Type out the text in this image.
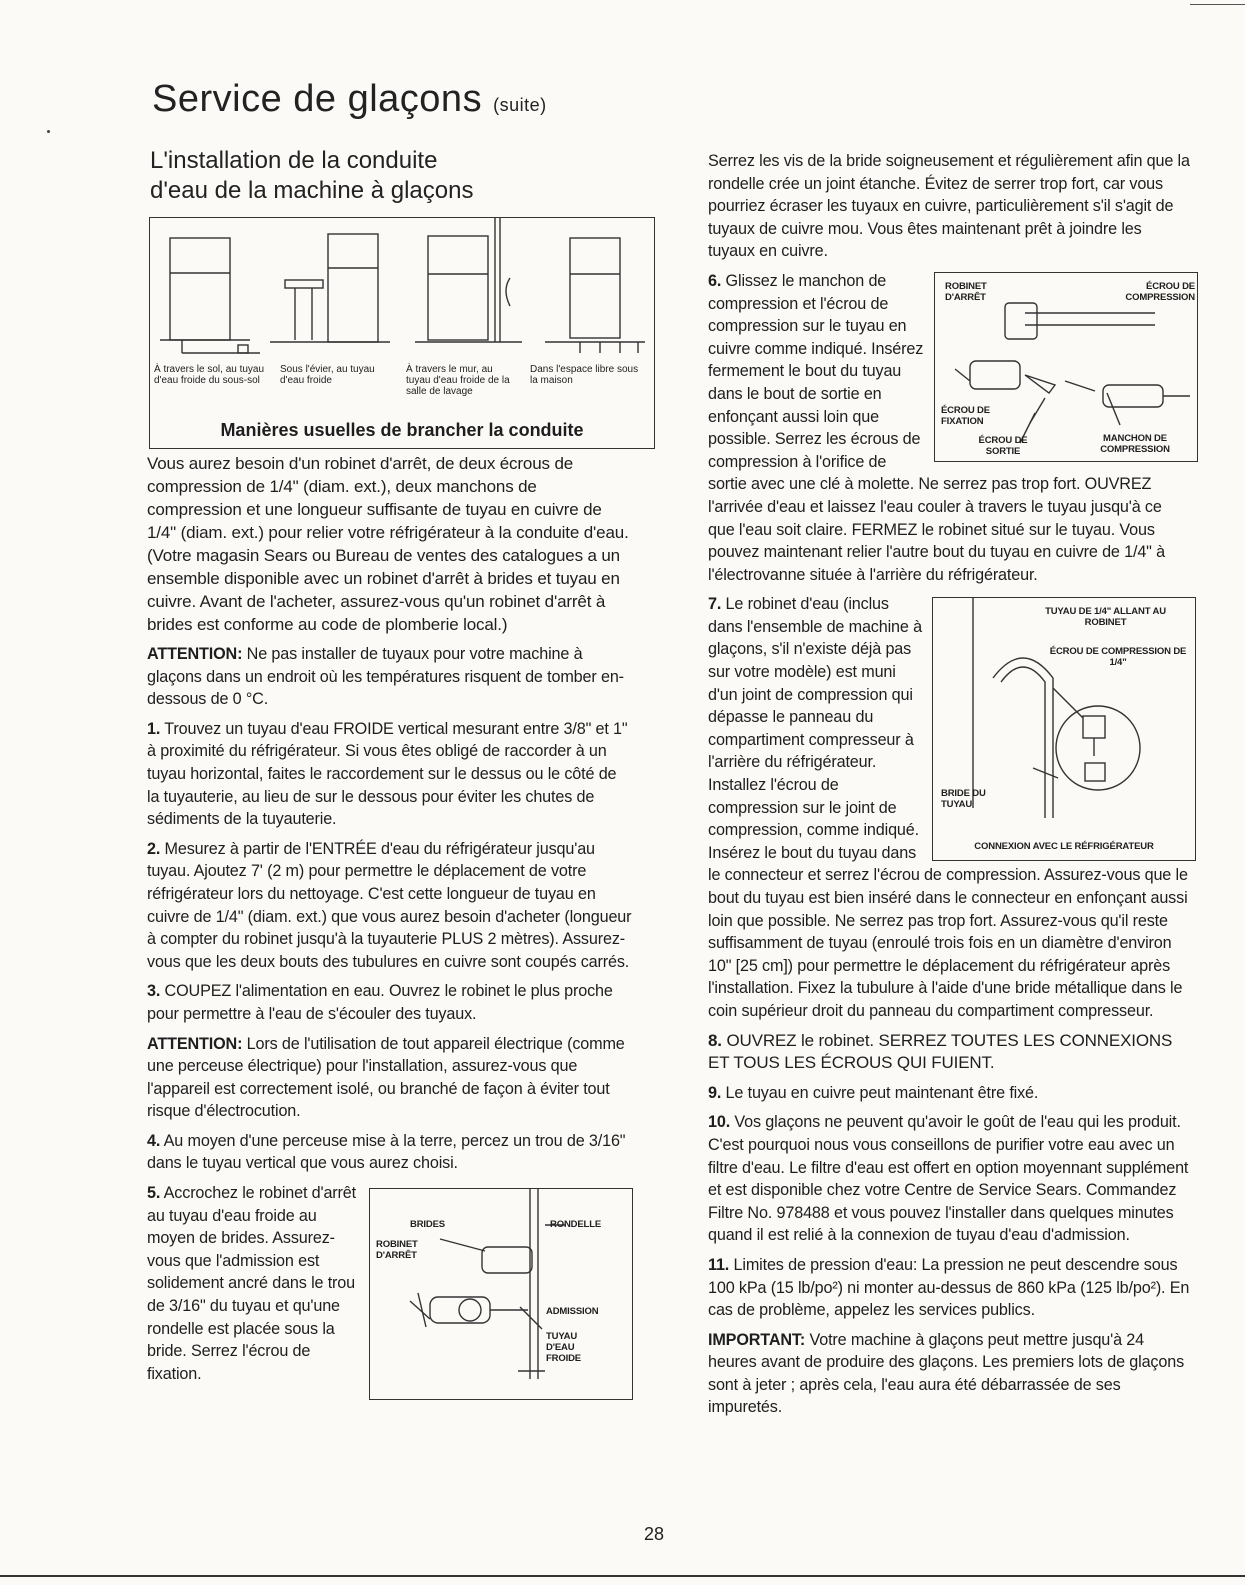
Service de glaçons (suite)
L'installation de la conduite
d'eau de la machine à glaçons
À travers le sol, au tuyau d'eau froide du sous-sol
Sous l'évier, au tuyau d'eau froide
À travers le mur, au tuyau d'eau froide de la salle de lavage
Dans l'espace libre sous la maison
Manières usuelles de brancher la conduite

Vous aurez besoin d'un robinet d'arrêt, de deux écrous de compression de 1/4" (diam. ext.), deux manchons de compression et une longueur suffisante de tuyau en cuivre de 1/4" (diam. ext.) pour relier votre réfrigérateur à la conduite d'eau. (Votre magasin Sears ou Bureau de ventes des catalogues a un ensemble disponible avec un robinet d'arrêt à brides et tuyau en cuivre. Avant de l'acheter, assurez-vous qu'un robinet d'arrêt à brides est conforme au code de plomberie local.)

ATTENTION: Ne pas installer de tuyaux pour votre machine à glaçons dans un endroit où les températures risquent de tomber en-dessous de 0 °C.

1. Trouvez un tuyau d'eau FROIDE vertical mesurant entre 3/8" et 1" à proximité du réfrigérateur. Si vous êtes obligé de raccorder à un tuyau horizontal, faites le raccordement sur le dessus ou le côté de la tuyauterie, au lieu de sur le dessous pour éviter les chutes de sédiments de la tuyauterie.

2. Mesurez à partir de l'ENTRÉE d'eau du réfrigérateur jusqu'au tuyau. Ajoutez 7' (2 m) pour permettre le déplacement de votre réfrigérateur lors du nettoyage. C'est cette longueur de tuyau en cuivre de 1/4" (diam. ext.) que vous aurez besoin d'acheter (longueur à compter du robinet jusqu'à la tuyauterie PLUS 2 mètres). Assurez-vous que les deux bouts des tubulures en cuivre sont coupés carrés.

3. COUPEZ l'alimentation en eau. Ouvrez le robinet le plus proche pour permettre à l'eau de s'écouler des tuyaux.

ATTENTION: Lors de l'utilisation de tout appareil électrique (comme une perceuse électrique) pour l'installation, assurez-vous que l'appareil est correctement isolé, ou branché de façon à éviter tout risque d'électrocution.

4. Au moyen d'une perceuse mise à la terre, percez un trou de 3/16" dans le tuyau vertical que vous aurez choisi.

BRIDES	RONDELLE
ROBINET D'ARRÊT
ADMISSION
TUYAU D'EAU FROIDE

5. Accrochez le robinet d'arrêt au tuyau d'eau froide au moyen de brides. Assurez-vous que l'admission est solidement ancré dans le trou de 3/16" du tuyau et qu'une rondelle est placée sous la bride. Serrez l'écrou de fixation.

Serrez les vis de la bride soigneusement et régulièrement afin que la rondelle crée un joint étanche. Évitez de serrer trop fort, car vous pourriez écraser les tuyaux en cuivre, particulièrement s'il s'agit de tuyaux de cuivre mou. Vous êtes maintenant prêt à joindre les tuyaux en cuivre.

ROBINET D'ARRÊT
ÉCROU DE COMPRESSION
ÉCROU DE FIXATION
ÉCROU DE SORTIE
MANCHON DE COMPRESSION

6. Glissez le manchon de compression et l'écrou de compression sur le tuyau en cuivre comme indiqué. Insérez fermement le bout du tuyau dans le bout de sortie en enfonçant aussi loin que possible. Serrez les écrous de compression à l'orifice de sortie avec une clé à molette. Ne serrez pas trop fort. OUVREZ l'arrivée d'eau et laissez l'eau couler à travers le tuyau jusqu'à ce que l'eau soit claire. FERMEZ le robinet situé sur le tuyau. Vous pouvez maintenant relier l'autre bout du tuyau en cuivre de 1/4" à l'électrovanne située à l'arrière du réfrigérateur.

TUYAU DE 1/4" ALLANT AU ROBINET
ÉCROU DE COMPRESSION DE 1/4"
BRIDE DU TUYAU
CONNEXION AVEC LE RÉFRIGÉRATEUR

7. Le robinet d'eau (inclus dans l'ensemble de machine à glaçons, s'il n'existe déjà pas sur votre modèle) est muni d'un joint de compression qui dépasse le panneau du compartiment compresseur à l'arrière du réfrigérateur. Installez l'écrou de compression sur le joint de compression, comme indiqué. Insérez le bout du tuyau dans le connecteur et serrez l'écrou de compression. Assurez-vous que le bout du tuyau est bien inséré dans le connecteur en enfonçant aussi loin que possible. Ne serrez pas trop fort. Assurez-vous qu'il reste suffisamment de tuyau (enroulé trois fois en un diamètre d'environ 10" [25 cm]) pour permettre le déplacement du réfrigérateur après l'installation. Fixez la tubulure à l'aide d'une bride métallique dans le coin supérieur droit du panneau du compartiment compresseur.

8. OUVREZ le robinet. SERREZ TOUTES LES CONNEXIONS ET TOUS LES ÉCROUS QUI FUIENT.

9. Le tuyau en cuivre peut maintenant être fixé.

10. Vos glaçons ne peuvent qu'avoir le goût de l'eau qui les produit. C'est pourquoi nous vous conseillons de purifier votre eau avec un filtre d'eau. Le filtre d'eau est offert en option moyennant supplément et est disponible chez votre Centre de Service Sears. Commandez Filtre No. 978488 et vous pouvez l'installer dans quelques minutes quand il est relié à la connexion de tuyau d'eau d'admission.

11. Limites de pression d'eau: La pression ne peut descendre sous 100 kPa (15 lb/po²) ni monter au-dessus de 860 kPa (125 lb/po²). En cas de problème, appelez les services publics.

IMPORTANT: Votre machine à glaçons peut mettre jusqu'à 24 heures avant de produire des glaçons. Les premiers lots de glaçons sont à jeter ; après cela, l'eau aura été débarrassée de ses impuretés.

28
